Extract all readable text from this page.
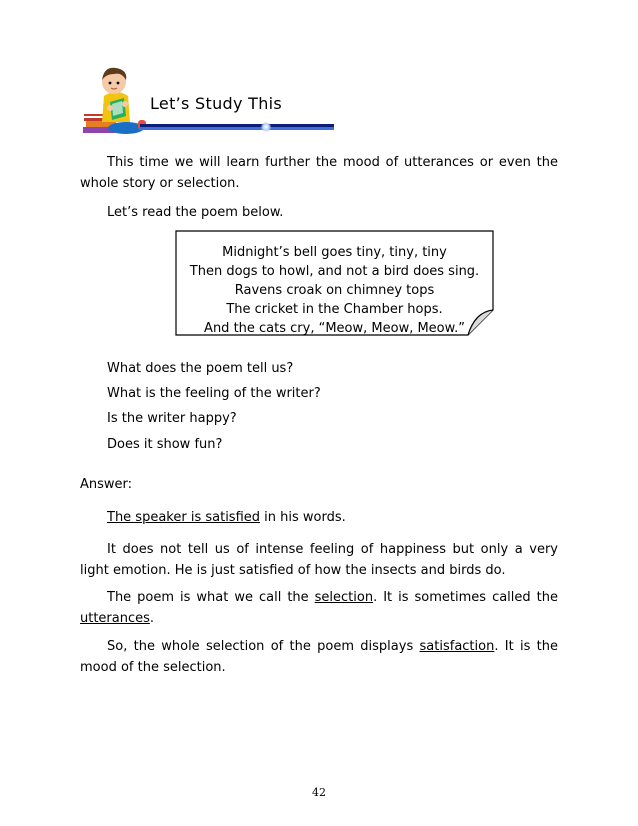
Let’s Study This
This time we will learn further the mood of utterances or even the whole story or selection.
Let’s read the poem below.
Midnight’s bell goes tiny, tiny, tiny
Then dogs to howl, and not a bird does sing.
Ravens croak on chimney tops
The cricket in the Chamber hops.
And the cats cry, “Meow, Meow, Meow.”
What does the poem tell us?
What is the feeling of the writer?
Is the writer happy?
Does it show fun?
Answer:
The speaker is satisfied in his words.
It does not tell us of intense feeling of happiness but only a very light emotion. He is just satisfied of how the insects and birds do.
The poem is what we call the selection. It is sometimes called the utterances.
So, the whole selection of the poem displays satisfaction. It is the mood of the selection.
42
